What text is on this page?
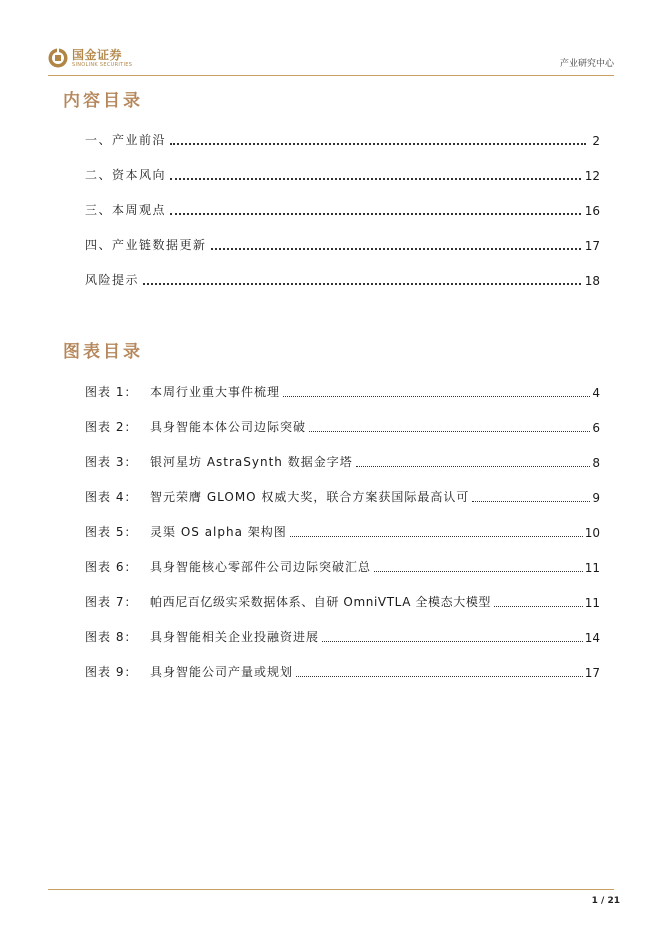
国金证券
SINOLINK SECURITIES	产业研究中心
内容目录
一、产业前沿	2
二、资本风向	12
三、本周观点	16
四、产业链数据更新	17
风险提示	18
图表目录
图表 1：	本周行业重大事件梳理	4
图表 2：	具身智能本体公司边际突破	6
图表 3：	银河星坊 AstraSynth 数据金字塔	8
图表 4：	智元荣膺 GLOMO 权威大奖，联合方案获国际最高认可	9
图表 5：	灵渠 OS alpha 架构图	10
图表 6：	具身智能核心零部件公司边际突破汇总	11
图表 7：	帕西尼百亿级实采数据体系、自研 OmniVTLA 全模态大模型	11
图表 8：	具身智能相关企业投融资进展	14
图表 9：	具身智能公司产量或规划	17
1 / 21
